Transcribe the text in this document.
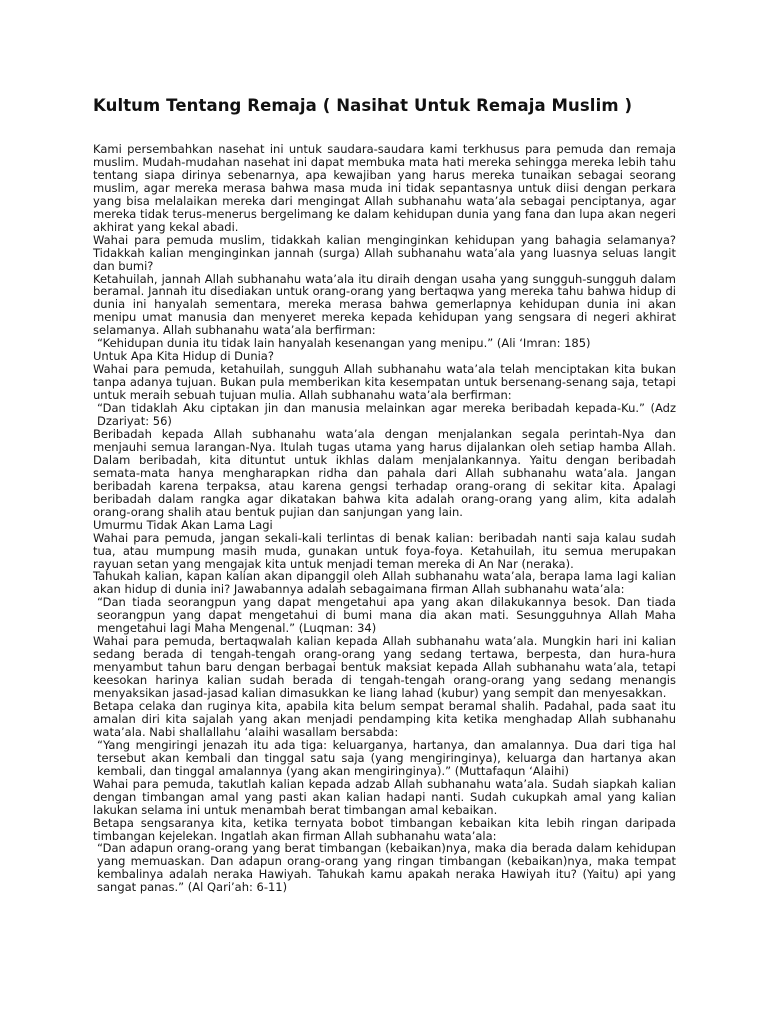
Kultum Tentang Remaja ( Nasihat Untuk Remaja Muslim )

Kami persembahkan nasehat ini untuk saudara-saudara kami terkhusus para pemuda dan remaja muslim. Mudah-mudahan nasehat ini dapat membuka mata hati mereka sehingga mereka lebih tahu tentang siapa dirinya sebenarnya, apa kewajiban yang harus mereka tunaikan sebagai seorang muslim, agar mereka merasa bahwa masa muda ini tidak sepantasnya untuk diisi dengan perkara yang bisa melalaikan mereka dari mengingat Allah subhanahu wata’ala sebagai penciptanya, agar mereka tidak terus-menerus bergelimang ke dalam kehidupan dunia yang fana dan lupa akan negeri akhirat yang kekal abadi.

Wahai para pemuda muslim, tidakkah kalian menginginkan kehidupan yang bahagia selamanya? Tidakkah kalian menginginkan jannah (surga) Allah subhanahu wata’ala yang luasnya seluas langit dan bumi?

Ketahuilah, jannah Allah subhanahu wata’ala itu diraih dengan usaha yang sungguh-sungguh dalam beramal. Jannah itu disediakan untuk orang-orang yang bertaqwa yang mereka tahu bahwa hidup di dunia ini hanyalah sementara, mereka merasa bahwa gemerlapnya kehidupan dunia ini akan menipu umat manusia dan menyeret mereka kepada kehidupan yang sengsara di negeri akhirat selamanya. Allah subhanahu wata’ala berfirman:

“Kehidupan dunia itu tidak lain hanyalah kesenangan yang menipu.” (Ali ‘Imran: 185)

Untuk Apa Kita Hidup di Dunia?

Wahai para pemuda, ketahuilah, sungguh Allah subhanahu wata’ala telah menciptakan kita bukan tanpa adanya tujuan. Bukan pula memberikan kita kesempatan untuk bersenang-senang saja, tetapi untuk meraih sebuah tujuan mulia. Allah subhanahu wata’ala berfirman:

“Dan tidaklah Aku ciptakan jin dan manusia melainkan agar mereka beribadah kepada-Ku.” (Adz Dzariyat: 56)

Beribadah kepada Allah subhanahu wata’ala dengan menjalankan segala perintah-Nya dan menjauhi semua larangan-Nya. Itulah tugas utama yang harus dijalankan oleh setiap hamba Allah. Dalam beribadah, kita dituntut untuk ikhlas dalam menjalankannya. Yaitu dengan beribadah semata-mata hanya mengharapkan ridha dan pahala dari Allah subhanahu wata’ala. Jangan beribadah karena terpaksa, atau karena gengsi terhadap orang-orang di sekitar kita. Apalagi beribadah dalam rangka agar dikatakan bahwa kita adalah orang-orang yang alim, kita adalah orang-orang shalih atau bentuk pujian dan sanjungan yang lain.

Umurmu Tidak Akan Lama Lagi

Wahai para pemuda, jangan sekali-kali terlintas di benak kalian: beribadah nanti saja kalau sudah tua, atau mumpung masih muda, gunakan untuk foya-foya. Ketahuilah, itu semua merupakan rayuan setan yang mengajak kita untuk menjadi teman mereka di An Nar (neraka).

Tahukah kalian, kapan kalian akan dipanggil oleh Allah subhanahu wata’ala, berapa lama lagi kalian akan hidup di dunia ini? Jawabannya adalah sebagaimana firman Allah subhanahu wata’ala:

“Dan tiada seorangpun yang dapat mengetahui apa yang akan dilakukannya besok. Dan tiada seorangpun yang dapat mengetahui di bumi mana dia akan mati. Sesungguhnya Allah Maha mengetahui lagi Maha Mengenal.” (Luqman: 34)

Wahai para pemuda, bertaqwalah kalian kepada Allah subhanahu wata’ala. Mungkin hari ini kalian sedang berada di tengah-tengah orang-orang yang sedang tertawa, berpesta, dan hura-hura menyambut tahun baru dengan berbagai bentuk maksiat kepada Allah subhanahu wata’ala, tetapi keesokan harinya kalian sudah berada di tengah-tengah orang-orang yang sedang menangis menyaksikan jasad-jasad kalian dimasukkan ke liang lahad (kubur) yang sempit dan menyesakkan.

Betapa celaka dan ruginya kita, apabila kita belum sempat beramal shalih. Padahal, pada saat itu amalan diri kita sajalah yang akan menjadi pendamping kita ketika menghadap Allah subhanahu wata’ala. Nabi shallallahu ‘alaihi wasallam bersabda:

“Yang mengiringi jenazah itu ada tiga: keluarganya, hartanya, dan amalannya. Dua dari tiga hal tersebut akan kembali dan tinggal satu saja (yang mengiringinya), keluarga dan hartanya akan kembali, dan tinggal amalannya (yang akan mengiringinya).” (Muttafaqun ‘Alaihi)

Wahai para pemuda, takutlah kalian kepada adzab Allah subhanahu wata’ala. Sudah siapkah kalian dengan timbangan amal yang pasti akan kalian hadapi nanti. Sudah cukupkah amal yang kalian lakukan selama ini untuk menambah berat timbangan amal kebaikan.

Betapa sengsaranya kita, ketika ternyata bobot timbangan kebaikan kita lebih ringan daripada timbangan kejelekan. Ingatlah akan firman Allah subhanahu wata’ala:

“Dan adapun orang-orang yang berat timbangan (kebaikan)nya, maka dia berada dalam kehidupan yang memuaskan. Dan adapun orang-orang yang ringan timbangan (kebaikan)nya, maka tempat kembalinya adalah neraka Hawiyah. Tahukah kamu apakah neraka Hawiyah itu? (Yaitu) api yang sangat panas.” (Al Qari’ah: 6-11)
